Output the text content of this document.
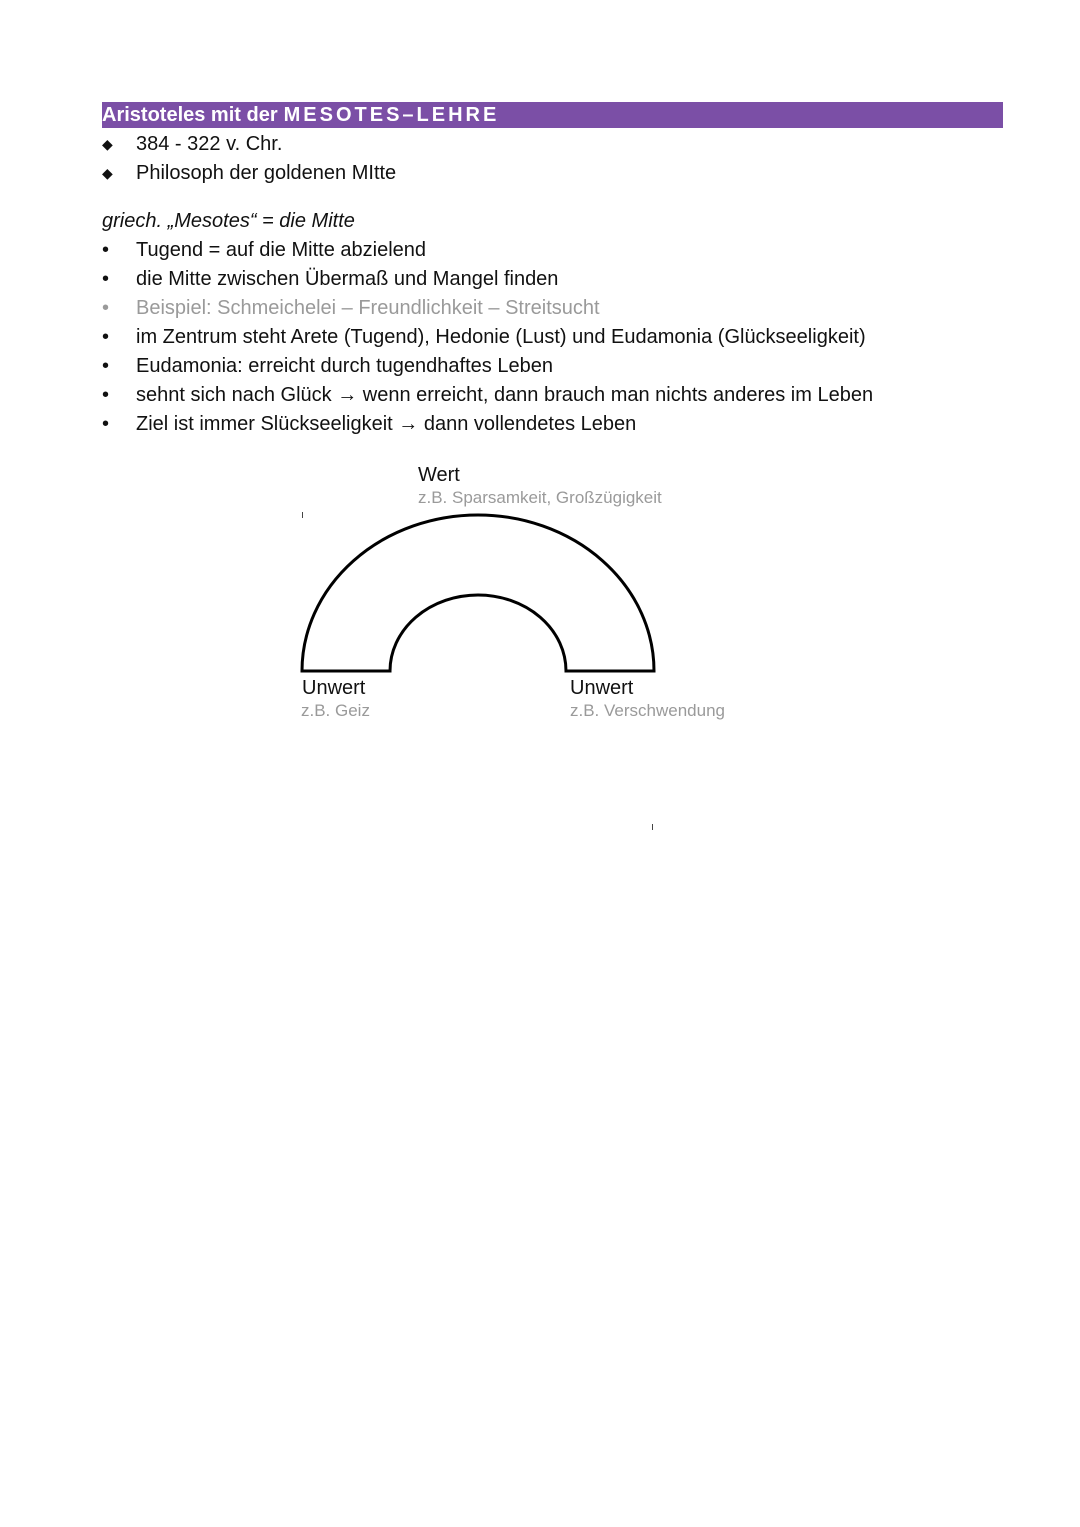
Aristoteles mit der MESOTES–LEHRE
◆ 384 - 322 v. Chr.
◆ Philosoph der goldenen MItte
griech. „Mesotes“ = die Mitte
• Tugend = auf die Mitte abzielend
• die Mitte zwischen Übermaß und Mangel finden
• Beispiel: Schmeichelei – Freundlichkeit – Streitsucht
• im Zentrum steht Arete (Tugend), Hedonie (Lust) und Eudamonia (Glückseeligkeit)
• Eudamonia: erreicht durch tugendhaftes Leben
• sehnt sich nach Glück → wenn erreicht, dann brauch man nichts anderes im Leben
• Ziel ist immer Slückseeligkeit → dann vollendetes Leben
Wert
z.B. Sparsamkeit, Großzügigkeit
Unwert
z.B. Geiz
Unwert
z.B. Verschwendung
